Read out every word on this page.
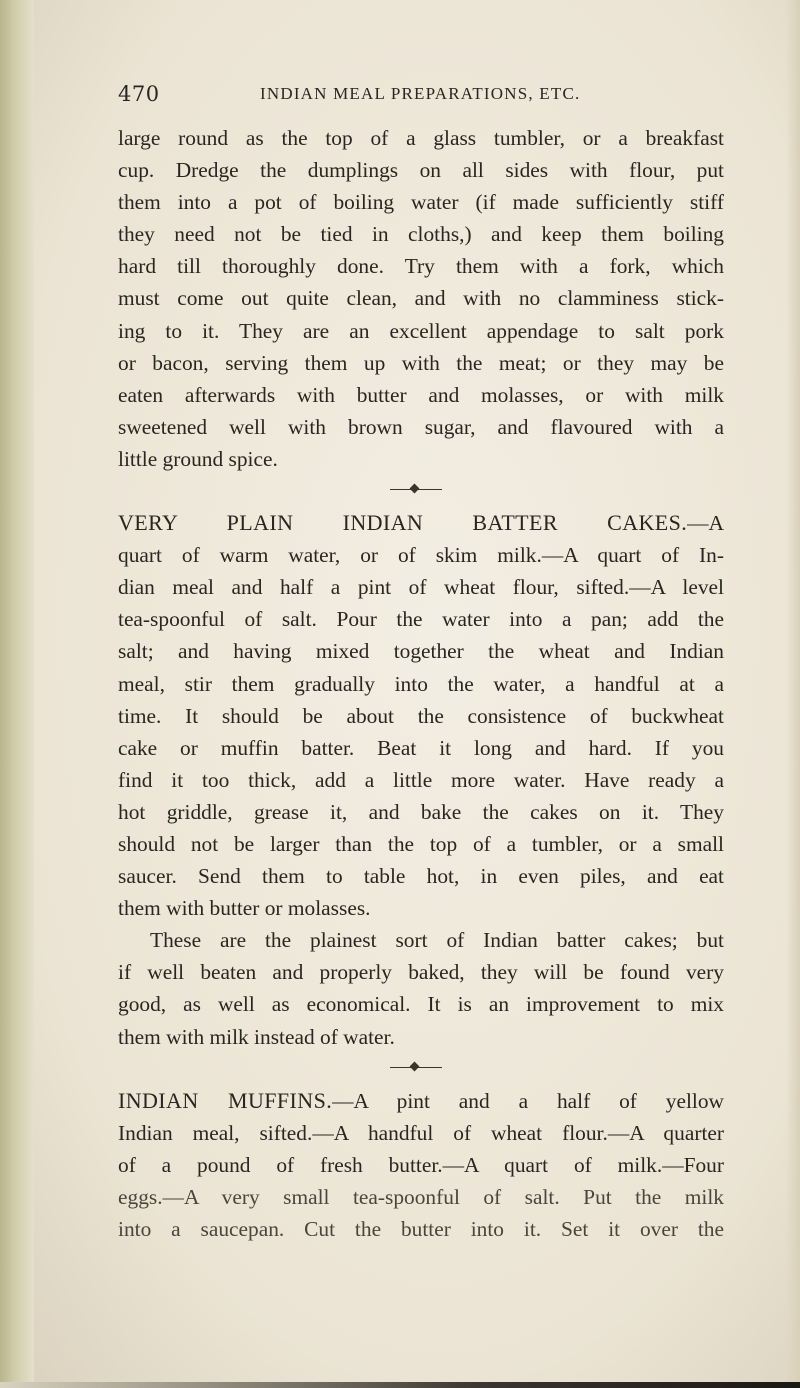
470	INDIAN MEAL PREPARATIONS, ETC.
large round as the top of a glass tumbler, or a breakfast
cup. Dredge the dumplings on all sides with flour, put
them into a pot of boiling water (if made sufficiently stiff
they need not be tied in cloths,) and keep them boiling
hard till thoroughly done. Try them with a fork, which
must come out quite clean, and with no clamminess stick-
ing to it. They are an excellent appendage to salt pork
or bacon, serving them up with the meat; or they may be
eaten afterwards with butter and molasses, or with milk
sweetened well with brown sugar, and flavoured with a
little ground spice.
VERY PLAIN INDIAN BATTER CAKES.—A
quart of warm water, or of skim milk.—A quart of In-
dian meal and half a pint of wheat flour, sifted.—A level
tea-spoonful of salt. Pour the water into a pan; add the
salt; and having mixed together the wheat and Indian
meal, stir them gradually into the water, a handful at a
time. It should be about the consistence of buckwheat
cake or muffin batter. Beat it long and hard. If you
find it too thick, add a little more water. Have ready a
hot griddle, grease it, and bake the cakes on it. They
should not be larger than the top of a tumbler, or a small
saucer. Send them to table hot, in even piles, and eat
them with butter or molasses.
These are the plainest sort of Indian batter cakes; but
if well beaten and properly baked, they will be found very
good, as well as economical. It is an improvement to mix
them with milk instead of water.
INDIAN MUFFINS.—A pint and a half of yellow
Indian meal, sifted.—A handful of wheat flour.—A quarter
of a pound of fresh butter.—A quart of milk.—Four
eggs.—A very small tea-spoonful of salt. Put the milk
into a saucepan. Cut the butter into it. Set it over the
